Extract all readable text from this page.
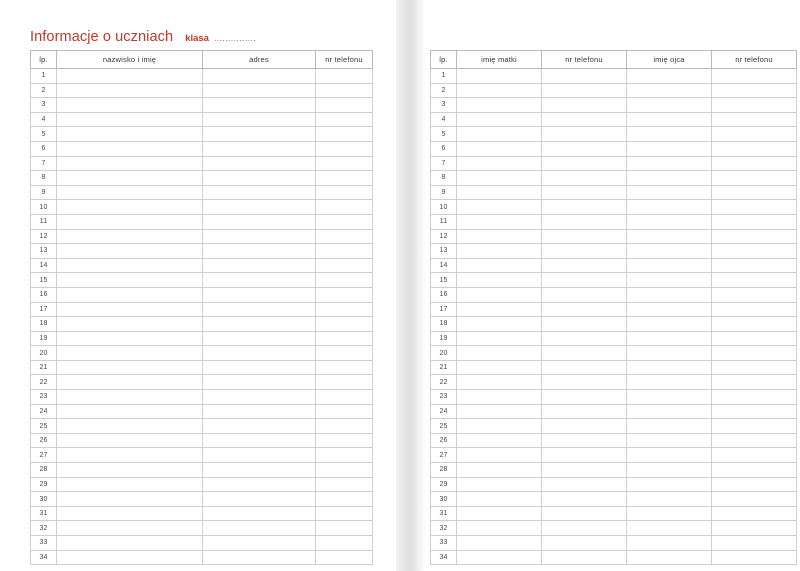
Informacje o uczniach klasa ...............
lp.	nazwisko i imię	adres	nr telefonu
1			
2			
3			
4			
5			
6			
7			
8			
9			
10			
11			
12			
13			
14			
15			
16			
17			
18			
19			
20			
21			
22			
23			
24			
25			
26			
27			
28			
29			
30			
31			
32			
33			
34			
lp.	imię matki	nr telefonu	imię ojca	nr telefonu
1				
2				
3				
4				
5				
6				
7				
8				
9				
10				
11				
12				
13				
14				
15				
16				
17				
18				
19				
20				
21				
22				
23				
24				
25				
26				
27				
28				
29				
30				
31				
32				
33				
34				
